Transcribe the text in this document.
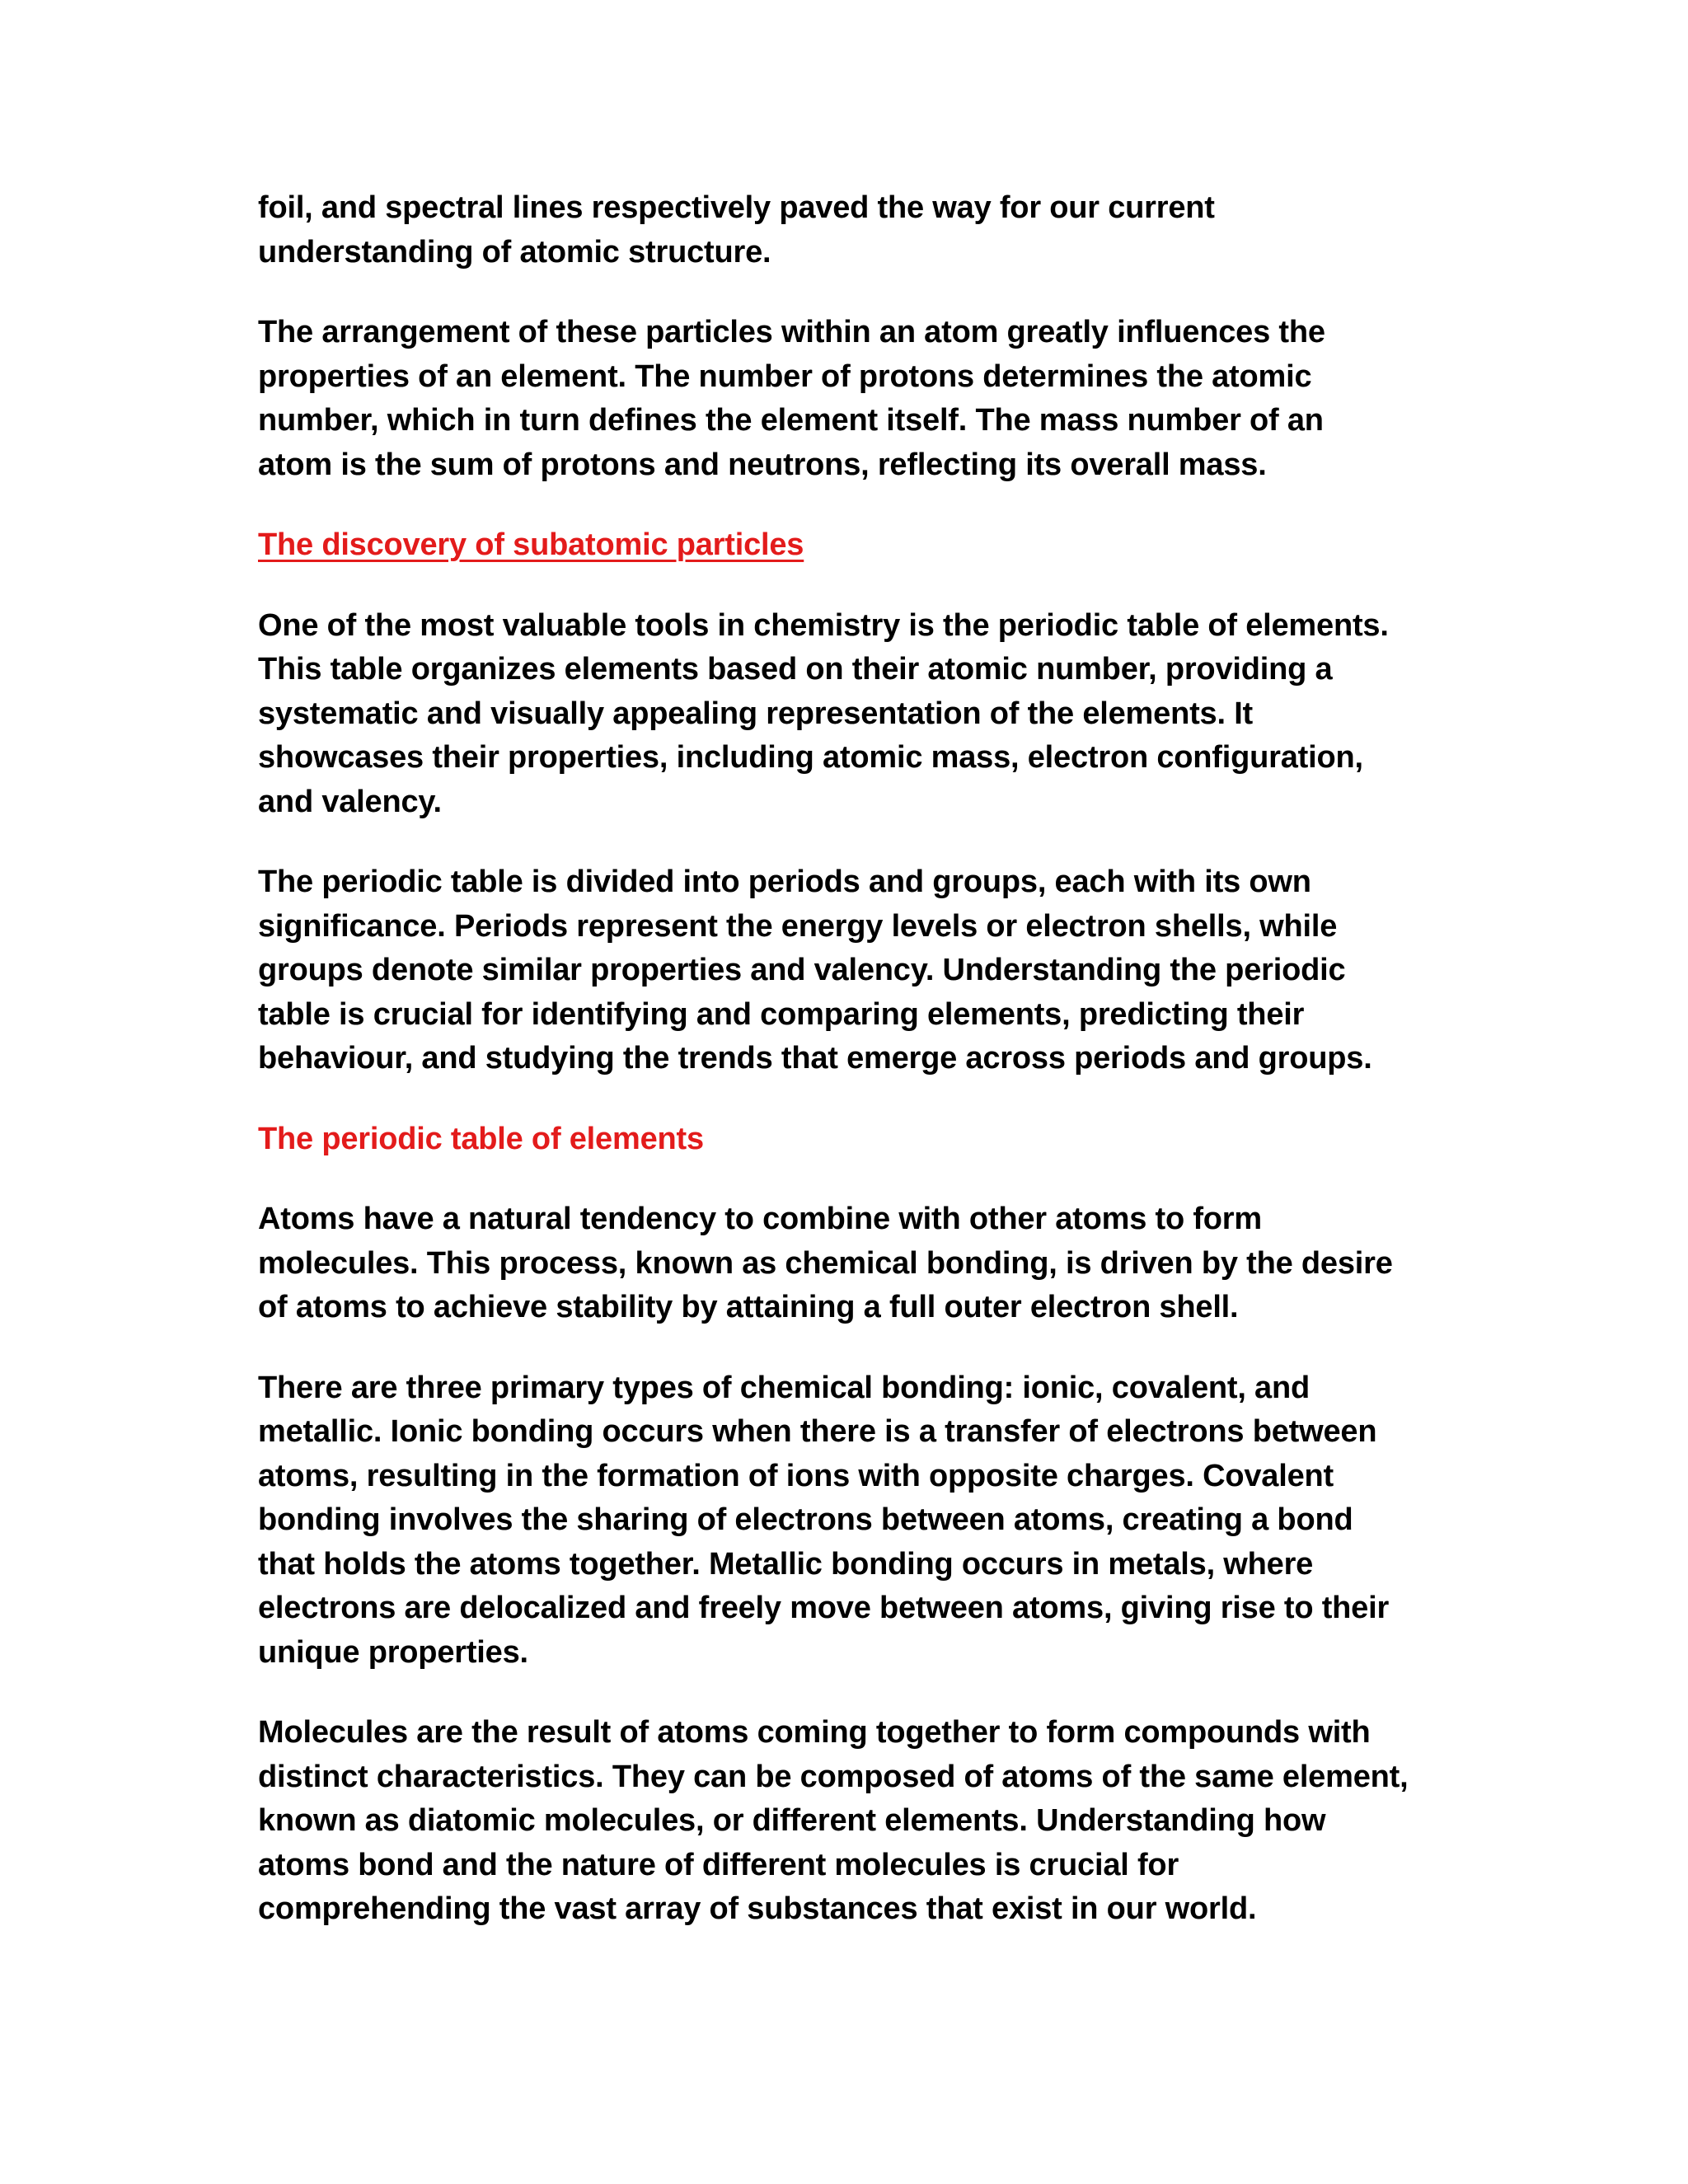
foil, and spectral lines respectively paved the way for our current
understanding of atomic structure.

The arrangement of these particles within an atom greatly influences the
properties of an element. The number of protons determines the atomic
number, which in turn defines the element itself. The mass number of an
atom is the sum of protons and neutrons, reflecting its overall mass.

The discovery of subatomic particles

One of the most valuable tools in chemistry is the periodic table of elements.
This table organizes elements based on their atomic number, providing a
systematic and visually appealing representation of the elements. It
showcases their properties, including atomic mass, electron configuration,
and valency.

The periodic table is divided into periods and groups, each with its own
significance. Periods represent the energy levels or electron shells, while
groups denote similar properties and valency. Understanding the periodic
table is crucial for identifying and comparing elements, predicting their
behaviour, and studying the trends that emerge across periods and groups.

The periodic table of elements

Atoms have a natural tendency to combine with other atoms to form
molecules. This process, known as chemical bonding, is driven by the desire
of atoms to achieve stability by attaining a full outer electron shell.

There are three primary types of chemical bonding: ionic, covalent, and
metallic. Ionic bonding occurs when there is a transfer of electrons between
atoms, resulting in the formation of ions with opposite charges. Covalent
bonding involves the sharing of electrons between atoms, creating a bond
that holds the atoms together. Metallic bonding occurs in metals, where
electrons are delocalized and freely move between atoms, giving rise to their
unique properties.

Molecules are the result of atoms coming together to form compounds with
distinct characteristics. They can be composed of atoms of the same element,
known as diatomic molecules, or different elements. Understanding how
atoms bond and the nature of different molecules is crucial for
comprehending the vast array of substances that exist in our world.
